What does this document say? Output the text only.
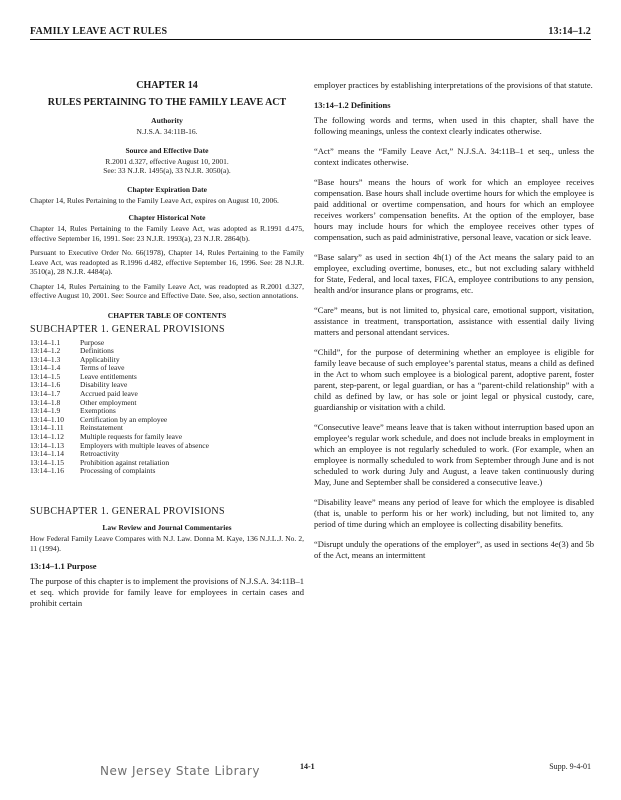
FAMILY LEAVE ACT RULES	13:14–1.2

CHAPTER 14

RULES PERTAINING TO THE FAMILY LEAVE ACT

Authority

N.J.S.A. 34:11B-16.

Source and Effective Date

R.2001 d.327, effective August 10, 2001.

See: 33 N.J.R. 1495(a), 33 N.J.R. 3050(a).

Chapter Expiration Date

Chapter 14, Rules Pertaining to the Family Leave Act, expires on August 10, 2006.

Chapter Historical Note

Chapter 14, Rules Pertaining to the Family Leave Act, was adopted as R.1991 d.475, effective September 16, 1991. See: 23 N.J.R. 1993(a), 23 N.J.R. 2864(b).

Pursuant to Executive Order No. 66(1978), Chapter 14, Rules Pertaining to the Family Leave Act, was readopted as R.1996 d.482, effective September 16, 1996. See: 28 N.J.R. 3510(a), 28 N.J.R. 4484(a).

Chapter 14, Rules Pertaining to the Family Leave Act, was readopted as R.2001 d.327, effective August 10, 2001. See: Source and Effective Date. See, also, section annotations.

CHAPTER TABLE OF CONTENTS

SUBCHAPTER 1. GENERAL PROVISIONS

13:14–1.1	Purpose
13:14–1.2	Definitions
13:14–1.3	Applicability
13:14–1.4	Terms of leave
13:14–1.5	Leave entitlements
13:14–1.6	Disability leave
13:14–1.7	Accrued paid leave
13:14–1.8	Other employment
13:14–1.9	Exemptions
13:14–1.10	Certification by an employee
13:14–1.11	Reinstatement
13:14–1.12	Multiple requests for family leave
13:14–1.13	Employers with multiple leaves of absence
13:14–1.14	Retroactivity
13:14–1.15	Prohibition against retaliation
13:14–1.16	Processing of complaints

SUBCHAPTER 1. GENERAL PROVISIONS

Law Review and Journal Commentaries

How Federal Family Leave Compares with N.J. Law. Donna M. Kaye, 136 N.J.L.J. No. 2, 11 (1994).

13:14–1.1 Purpose

The purpose of this chapter is to implement the provisions of N.J.S.A. 34:11B–1 et seq. which provide for family leave for employees in certain cases and prohibit certain

employer practices by establishing interpretations of the provisions of that statute.

13:14–1.2 Definitions

The following words and terms, when used in this chapter, shall have the following meanings, unless the context clearly indicates otherwise.

“Act” means the “Family Leave Act,” N.J.S.A. 34:11B–1 et seq., unless the context indicates otherwise.

“Base hours” means the hours of work for which an employee receives compensation. Base hours shall include overtime hours for which the employee is paid additional or overtime compensation, and hours for which an employee receives workers’ compensation benefits. At the option of the employer, base hours may include hours for which the employee receives other types of compensation, such as paid administrative, personal leave, vacation or sick leave.

“Base salary” as used in section 4h(1) of the Act means the salary paid to an employee, excluding overtime, bonuses, etc., but not excluding salary withheld for State, Federal, and local taxes, FICA, employee contributions to any pension, health and/or insurance plans or programs, etc.

“Care” means, but is not limited to, physical care, emotional support, visitation, assistance in treatment, transportation, assistance with essential daily living matters and personal attendant services.

“Child”, for the purpose of determining whether an employee is eligible for family leave because of such employee’s parental status, means a child as defined in the Act to whom such employee is a biological parent, adoptive parent, foster parent, step-parent, or legal guardian, or has a “parent-child relationship” with a child as defined by law, or has sole or joint legal or physical custody, care, guardianship or visitation with a child.

“Consecutive leave” means leave that is taken without interruption based upon an employee’s regular work schedule, and does not include breaks in employment in which an employee is not regularly scheduled to work. (For example, when an employee is normally scheduled to work from September through June and is not scheduled to work during July and August, a leave taken continuously during May, June and September shall be considered a consecutive leave.)

“Disability leave” means any period of leave for which the employee is disabled (that is, unable to perform his or her work) including, but not limited to, any period of time during which an employee is collecting disability benefits.

“Disrupt unduly the operations of the employer”, as used in sections 4e(3) and 5b of the Act, means an intermittent

New Jersey State Library	14-1	Supp. 9-4-01
